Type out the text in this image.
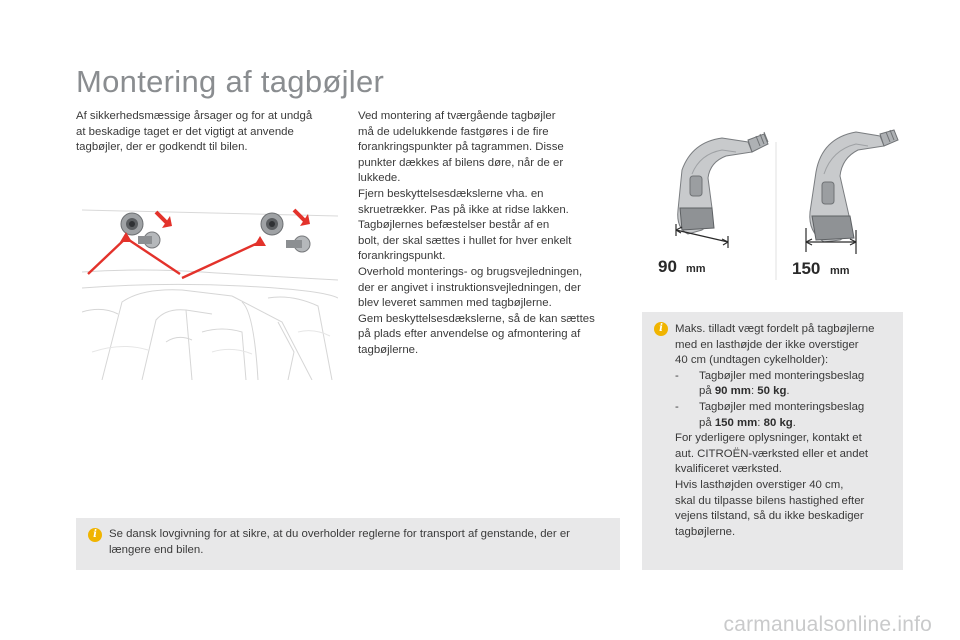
Montering af tagbøjler

Af sikkerhedsmæssige årsager og for at undgå
at beskadige taget er det vigtigt at anvende
tagbøjler, der er godkendt til bilen.

Ved montering af tværgående tagbøjler
må de udelukkende fastgøres i de fire
forankringspunkter på tagrammen. Disse
punkter dækkes af bilens døre, når de er
lukkede.
Fjern beskyttelsesdækslerne vha. en
skruetrækker. Pas på ikke at ridse lakken.
Tagbøjlernes befæstelser består af en
bolt, der skal sættes i hullet for hver enkelt
forankringspunkt.
Overhold monterings- og brugsvejledningen,
der er angivet i instruktionsvejledningen, der
blev leveret sammen med tagbøjlerne.
Gem beskyttelsesdækslerne, så de kan sættes
på plads efter anvendelse og afmontering af
tagbøjlerne.

90 mm	150 mm
i	Maks. tilladt vægt fordelt på tagbøjlerne
med en lasthøjde der ikke overstiger
40 cm (undtagen cykelholder):

-	Tagbøjler med monteringsbeslag
på 90 mm: 50 kg.
-	Tagbøjler med monteringsbeslag
på 150 mm: 80 kg.

For yderligere oplysninger, kontakt et
aut. CITROËN-værksted eller et andet
kvalificeret værksted.
Hvis lasthøjden overstiger 40 cm,
skal du tilpasse bilens hastighed efter
vejens tilstand, så du ikke beskadiger
tagbøjlerne.

i	Se dansk lovgivning for at sikre, at du overholder reglerne for transport af genstande, der er
længere end bilen.

carmanualsonline.info
